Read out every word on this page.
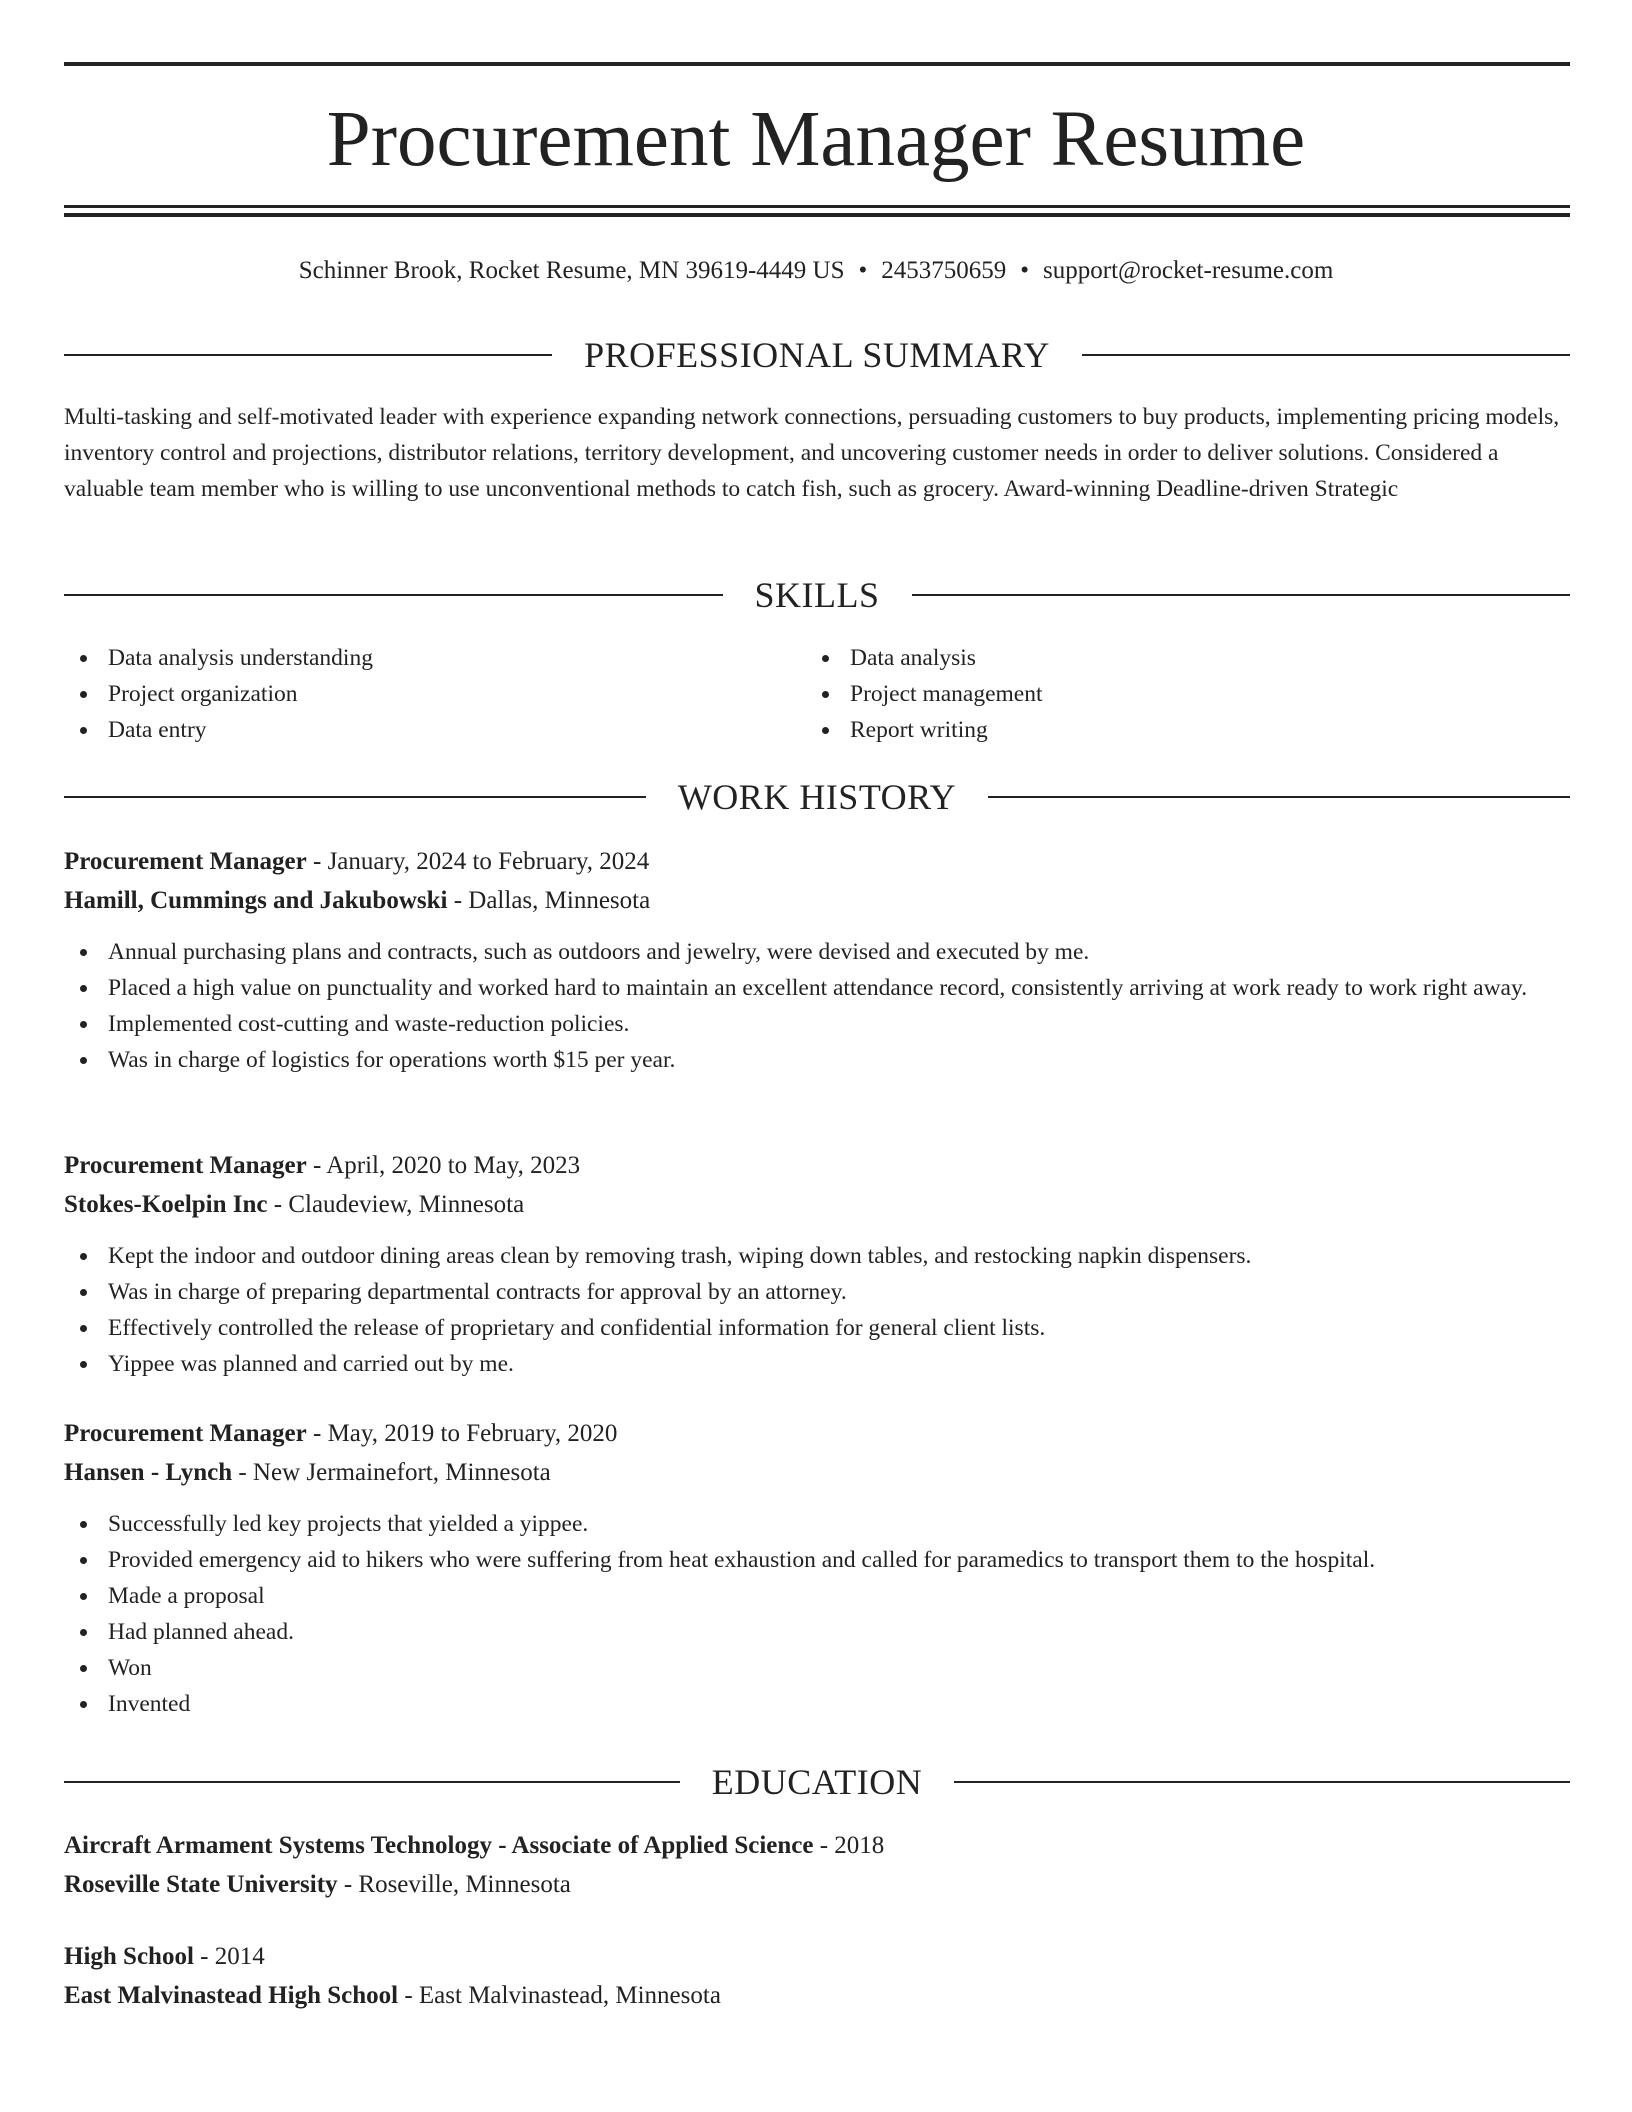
Procurement Manager Resume
Schinner Brook, Rocket Resume, MN 39619-4449 US • 2453750659 • support@rocket-resume.com
PROFESSIONAL SUMMARY
Multi-tasking and self-motivated leader with experience expanding network connections, persuading customers to buy products, implementing pricing models, inventory control and projections, distributor relations, territory development, and uncovering customer needs in order to deliver solutions. Considered a valuable team member who is willing to use unconventional methods to catch fish, such as grocery. Award-winning Deadline-driven Strategic
SKILLS
Data analysis understanding
Project organization
Data entry
Data analysis
Project management
Report writing
WORK HISTORY
Procurement Manager - January, 2024 to February, 2024
Hamill, Cummings and Jakubowski - Dallas, Minnesota
Annual purchasing plans and contracts, such as outdoors and jewelry, were devised and executed by me.
Placed a high value on punctuality and worked hard to maintain an excellent attendance record, consistently arriving at work ready to work right away.
Implemented cost-cutting and waste-reduction policies.
Was in charge of logistics for operations worth $15 per year.
Procurement Manager - April, 2020 to May, 2023
Stokes-Koelpin Inc - Claudeview, Minnesota
Kept the indoor and outdoor dining areas clean by removing trash, wiping down tables, and restocking napkin dispensers.
Was in charge of preparing departmental contracts for approval by an attorney.
Effectively controlled the release of proprietary and confidential information for general client lists.
Yippee was planned and carried out by me.
Procurement Manager - May, 2019 to February, 2020
Hansen - Lynch - New Jermainefort, Minnesota
Successfully led key projects that yielded a yippee.
Provided emergency aid to hikers who were suffering from heat exhaustion and called for paramedics to transport them to the hospital.
Made a proposal
Had planned ahead.
Won
Invented
EDUCATION
Aircraft Armament Systems Technology - Associate of Applied Science - 2018
Roseville State University - Roseville, Minnesota
High School - 2014
East Malvinastead High School - East Malvinastead, Minnesota
